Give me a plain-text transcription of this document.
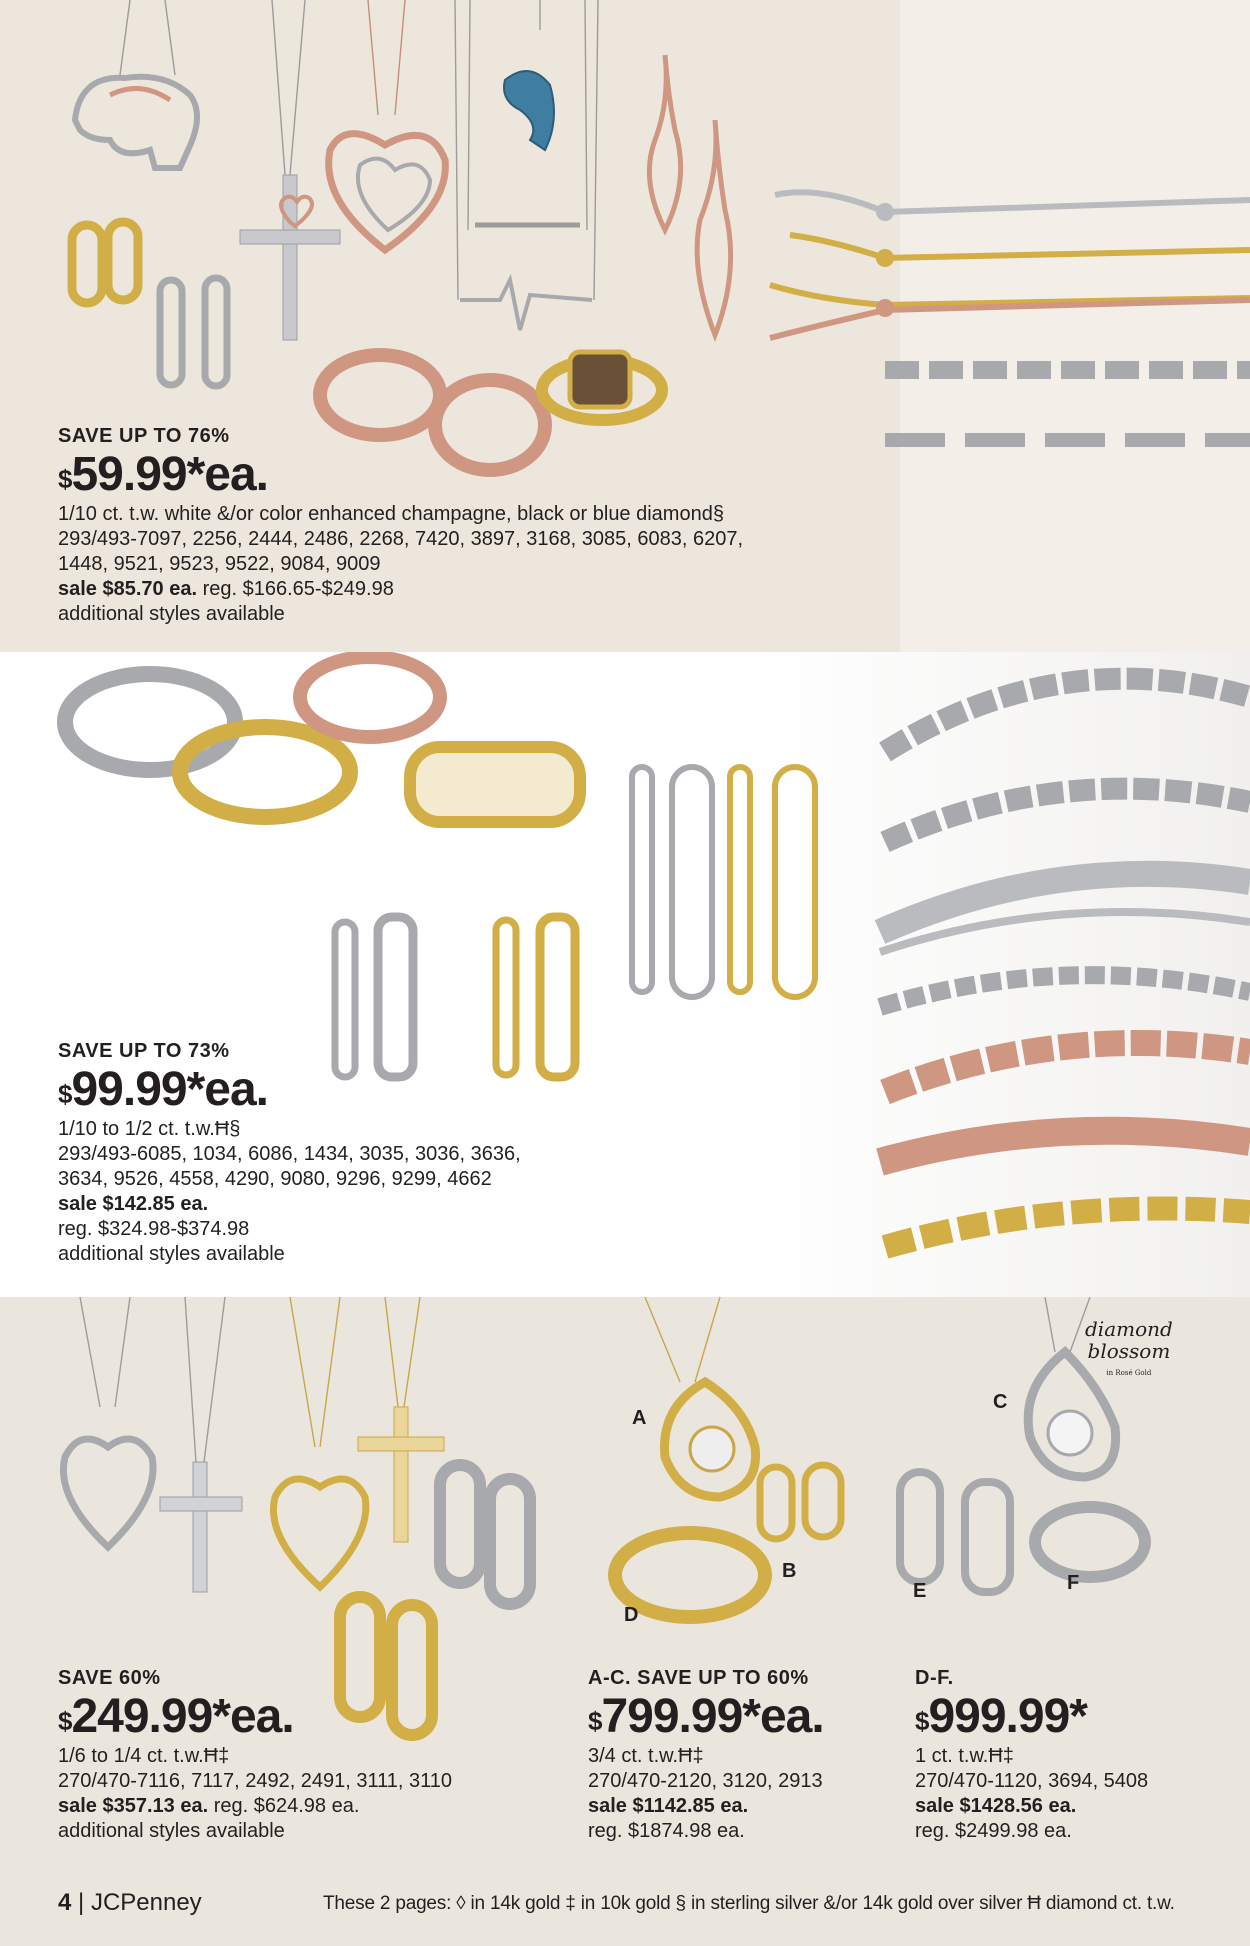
SAVE UP TO 76%
$59.99*ea.
1/10 ct. t.w. white &/or color enhanced champagne, black or blue diamond§
293/493-7097, 2256, 2444, 2486, 2268, 7420, 3897, 3168, 3085, 6083, 6207,
1448, 9521, 9523, 9522, 9084, 9009
sale $85.70 ea. reg. $166.65-$249.98
additional styles available
SAVE UP TO 73%
$99.99*ea.
1/10 to 1/2 ct. t.w.Ħ§
293/493-6085, 1034, 6086, 1434, 3035, 3036, 3636,
3634, 9526, 4558, 4290, 9080, 9296, 9299, 4662
sale $142.85 ea.
reg. $324.98-$374.98
additional styles available
A
B
C
D
E	F
diamond
blossom
in Rosé Gold
SAVE 60%
$249.99*ea.
1/6 to 1/4 ct. t.w.Ħ‡
270/470-7116, 7117, 2492, 2491, 3111, 3110
sale $357.13 ea. reg. $624.98 ea.
additional styles available
A-C. SAVE UP TO 60%
$799.99*ea.
3/4 ct. t.w.Ħ‡
270/470-2120, 3120, 2913
sale $1142.85 ea.
reg. $1874.98 ea.
D-F.
$999.99*
1 ct. t.w.Ħ‡
270/470-1120, 3694, 5408
sale $1428.56 ea.
reg. $2499.98 ea.
4 | JCPenney	These 2 pages: ◊ in 14k gold ‡ in 10k gold § in sterling silver &/or 14k gold over silver Ħ diamond ct. t.w.
